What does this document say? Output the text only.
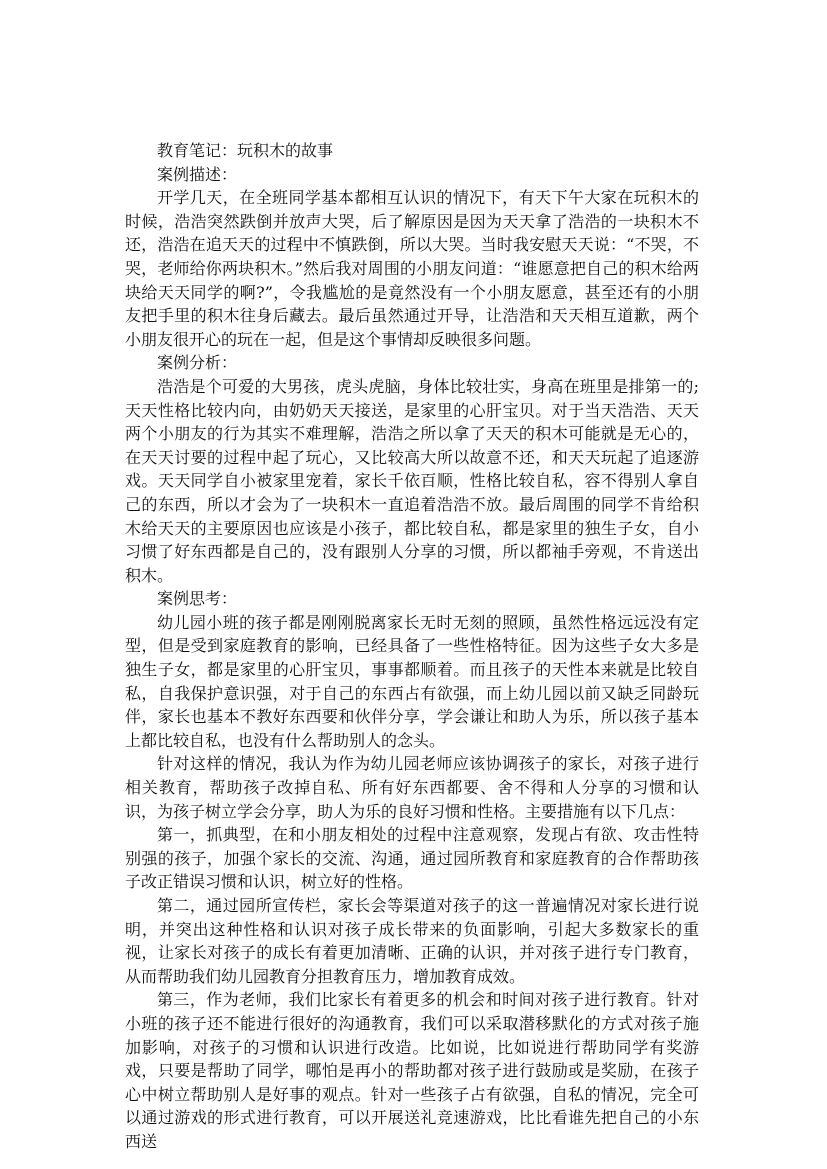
教育笔记：玩积木的故事

案例描述：

开学几天，在全班同学基本都相互认识的情况下，有天下午大家在玩积木的时候，浩浩突然跌倒并放声大哭，后了解原因是因为天天拿了浩浩的一块积木不还，浩浩在追天天的过程中不慎跌倒，所以大哭。当时我安慰天天说：“不哭，不哭，老师给你两块积木。”然后我对周围的小朋友问道：“谁愿意把自己的积木给两块给天天同学的啊?”，令我尴尬的是竟然没有一个小朋友愿意，甚至还有的小朋友把手里的积木往身后藏去。最后虽然通过开导，让浩浩和天天相互道歉，两个小朋友很开心的玩在一起，但是这个事情却反映很多问题。

案例分析：

浩浩是个可爱的大男孩，虎头虎脑，身体比较壮实，身高在班里是排第一的;天天性格比较内向，由奶奶天天接送，是家里的心肝宝贝。对于当天浩浩、天天两个小朋友的行为其实不难理解，浩浩之所以拿了天天的积木可能就是无心的，在天天讨要的过程中起了玩心，又比较高大所以故意不还，和天天玩起了追逐游戏。天天同学自小被家里宠着，家长千依百顺，性格比较自私，容不得别人拿自己的东西，所以才会为了一块积木一直追着浩浩不放。最后周围的同学不肯给积木给天天的主要原因也应该是小孩子，都比较自私，都是家里的独生子女，自小习惯了好东西都是自己的，没有跟别人分享的习惯，所以都袖手旁观，不肯送出积木。

案例思考：

幼儿园小班的孩子都是刚刚脱离家长无时无刻的照顾，虽然性格远远没有定型，但是受到家庭教育的影响，已经具备了一些性格特征。因为这些子女大多是独生子女，都是家里的心肝宝贝，事事都顺着。而且孩子的天性本来就是比较自私，自我保护意识强，对于自己的东西占有欲强，而上幼儿园以前又缺乏同龄玩伴，家长也基本不教好东西要和伙伴分享，学会谦让和助人为乐，所以孩子基本上都比较自私，也没有什么帮助别人的念头。

针对这样的情况，我认为作为幼儿园老师应该协调孩子的家长，对孩子进行相关教育，帮助孩子改掉自私、所有好东西都要、舍不得和人分享的习惯和认识，为孩子树立学会分享，助人为乐的良好习惯和性格。主要措施有以下几点：

第一，抓典型，在和小朋友相处的过程中注意观察，发现占有欲、攻击性特别强的孩子，加强个家长的交流、沟通，通过园所教育和家庭教育的合作帮助孩子改正错误习惯和认识，树立好的性格。

第二，通过园所宣传栏，家长会等渠道对孩子的这一普遍情况对家长进行说明，并突出这种性格和认识对孩子成长带来的负面影响，引起大多数家长的重视，让家长对孩子的成长有着更加清晰、正确的认识，并对孩子进行专门教育，从而帮助我们幼儿园教育分担教育压力，增加教育成效。

第三，作为老师，我们比家长有着更多的机会和时间对孩子进行教育。针对小班的孩子还不能进行很好的沟通教育，我们可以采取潜移默化的方式对孩子施加影响，对孩子的习惯和认识进行改造。比如说，比如说进行帮助同学有奖游戏，只要是帮助了同学，哪怕是再小的帮助都对孩子进行鼓励或是奖励，在孩子心中树立帮助别人是好事的观点。针对一些孩子占有欲强，自私的情况，完全可以通过游戏的形式进行教育，可以开展送礼竞速游戏，比比看谁先把自己的小东西送
